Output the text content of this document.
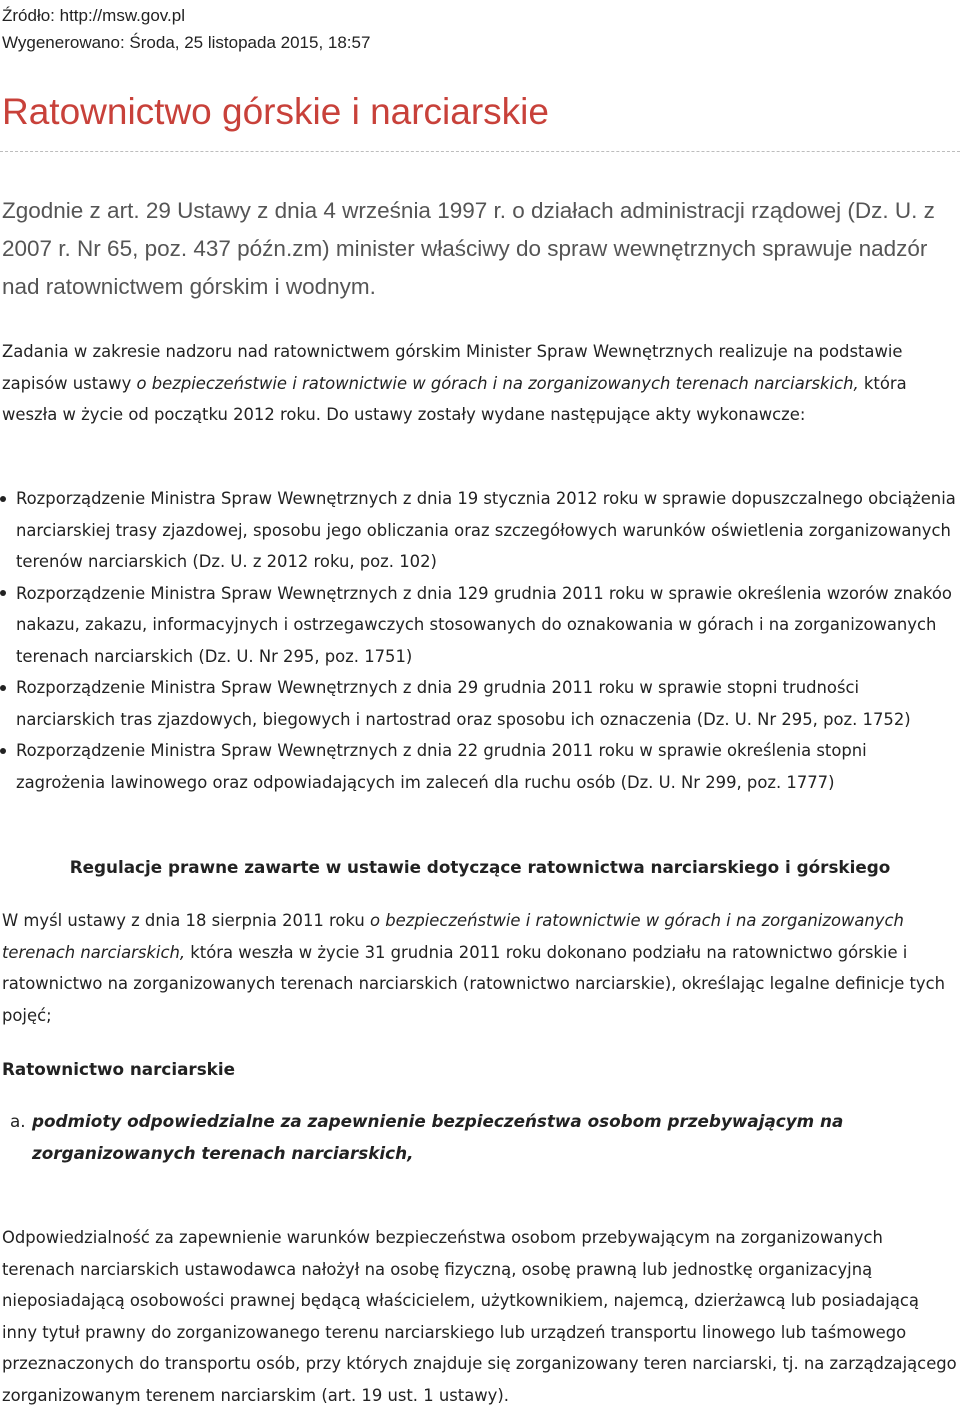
Źródło: http://msw.gov.pl
Wygenerowano: Środa, 25 listopada 2015, 18:57
Ratownictwo górskie i narciarskie
Zgodnie z art. 29 Ustawy z dnia 4 września 1997 r. o działach administracji rządowej (Dz. U. z 2007 r. Nr 65, poz. 437 późn.zm) minister właściwy do spraw wewnętrznych sprawuje nadzór nad ratownictwem górskim i wodnym.
Zadania w zakresie nadzoru nad ratownictwem górskim Minister Spraw Wewnętrznych realizuje na podstawie zapisów ustawy o bezpieczeństwie i ratownictwie w górach i na zorganizowanych terenach narciarskich, która weszła w życie od początku 2012 roku. Do ustawy zostały wydane następujące akty wykonawcze:
Rozporządzenie Ministra Spraw Wewnętrznych z dnia 19 stycznia 2012 roku w sprawie dopuszczalnego obciążenia narciarskiej trasy zjazdowej, sposobu jego obliczania oraz szczegółowych warunków oświetlenia zorganizowanych terenów narciarskich (Dz. U. z 2012 roku, poz. 102)
Rozporządzenie Ministra Spraw Wewnętrznych z dnia 129 grudnia 2011 roku w sprawie określenia wzorów znakóo nakazu, zakazu, informacyjnych i ostrzegawczych stosowanych do oznakowania w górach i na zorganizowanych terenach narciarskich (Dz. U. Nr 295, poz. 1751)
Rozporządzenie Ministra Spraw Wewnętrznych z dnia 29 grudnia 2011 roku w sprawie stopni trudności narciarskich tras zjazdowych, biegowych i nartostrad oraz sposobu ich oznaczenia (Dz. U. Nr 295, poz. 1752)
Rozporządzenie Ministra Spraw Wewnętrznych z dnia 22 grudnia 2011 roku w sprawie określenia stopni zagrożenia lawinowego oraz odpowiadających im zaleceń dla ruchu osób (Dz. U. Nr 299, poz. 1777)
Regulacje prawne zawarte w ustawie dotyczące ratownictwa narciarskiego i górskiego
W myśl ustawy z dnia 18 sierpnia 2011 roku o bezpieczeństwie i ratownictwie w górach i na zorganizowanych terenach narciarskich, która weszła w życie 31 grudnia 2011 roku dokonano podziału na ratownictwo górskie i ratownictwo na zorganizowanych terenach narciarskich (ratownictwo narciarskie), określając legalne definicje tych pojęć;
Ratownictwo narciarskie
a. podmioty odpowiedzialne za zapewnienie bezpieczeństwa osobom przebywającym na zorganizowanych terenach narciarskich,
Odpowiedzialność za zapewnienie warunków bezpieczeństwa osobom przebywającym na zorganizowanych terenach narciarskich ustawodawca nałożył na osobę fizyczną, osobę prawną lub jednostkę organizacyjną nieposiadającą osobowości prawnej będącą właścicielem, użytkownikiem, najemcą, dzierżawcą lub posiadającą inny tytuł prawny do zorganizowanego terenu narciarskiego lub urządzeń transportu linowego lub taśmowego przeznaczonych do transportu osób, przy których znajduje się zorganizowany teren narciarski, tj. na zarządzającego zorganizowanym terenem narciarskim (art. 19 ust. 1 ustawy).
